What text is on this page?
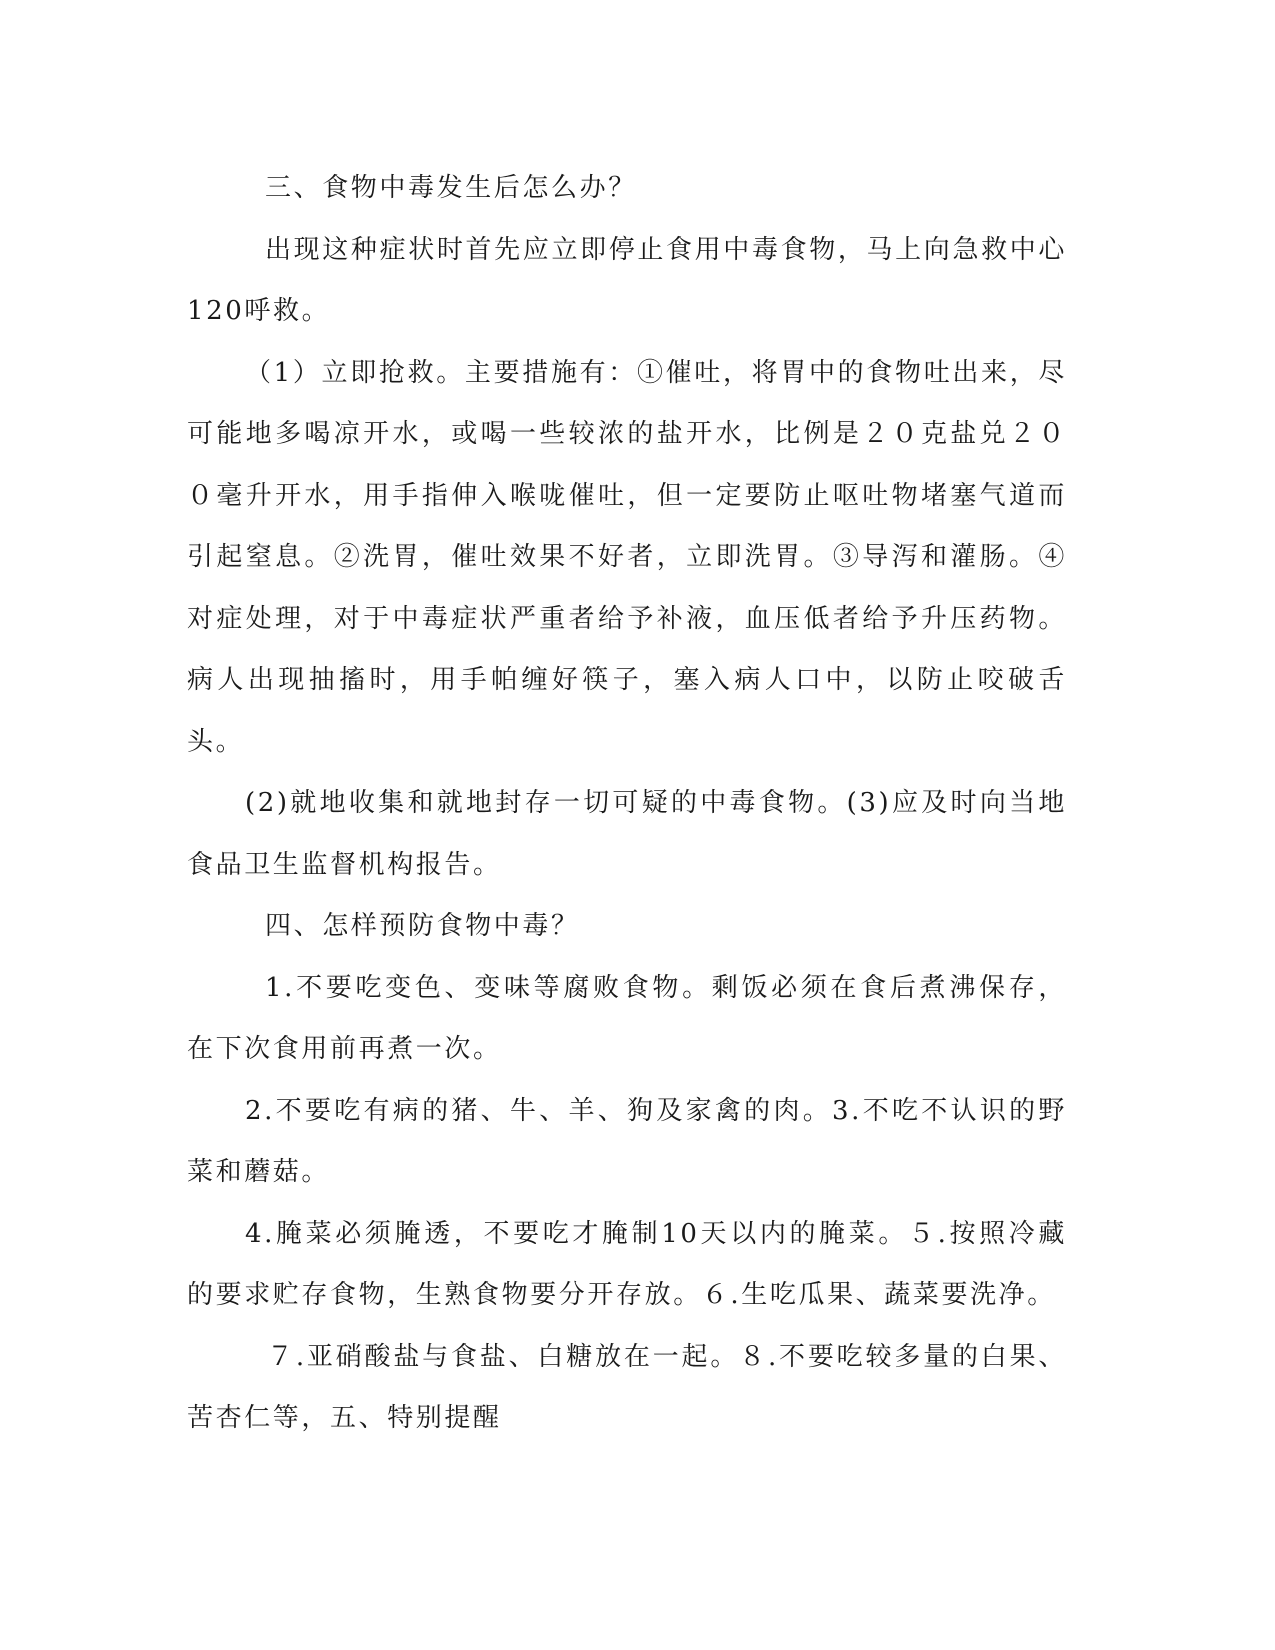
三、食物中毒发生后怎么办？

出现这种症状时首先应立即停止食用中毒食物，马上向急救中心120呼救。

（1）立即抢救。主要措施有：①催吐，将胃中的食物吐出来，尽可能地多喝凉开水，或喝一些较浓的盐开水，比例是２０克盐兑２００毫升开水，用手指伸入喉咙催吐，但一定要防止呕吐物堵塞气道而引起窒息。②洗胃，催吐效果不好者，立即洗胃。③导泻和灌肠。④对症处理，对于中毒症状严重者给予补液，血压低者给予升压药物。病人出现抽搐时，用手帕缠好筷子，塞入病人口中，以防止咬破舌头。

(2)就地收集和就地封存一切可疑的中毒食物。(3)应及时向当地食品卫生监督机构报告。

四、怎样预防食物中毒？

1.不要吃变色、变味等腐败食物。剩饭必须在食后煮沸保存，在下次食用前再煮一次。

2.不要吃有病的猪、牛、羊、狗及家禽的肉。3.不吃不认识的野菜和蘑菇。

4.腌菜必须腌透，不要吃才腌制10天以内的腌菜。５.按照冷藏的要求贮存食物，生熟食物要分开存放。６.生吃瓜果、蔬菜要洗净。

７.亚硝酸盐与食盐、白糖放在一起。８.不要吃较多量的白果、苦杏仁等，五、特别提醒
